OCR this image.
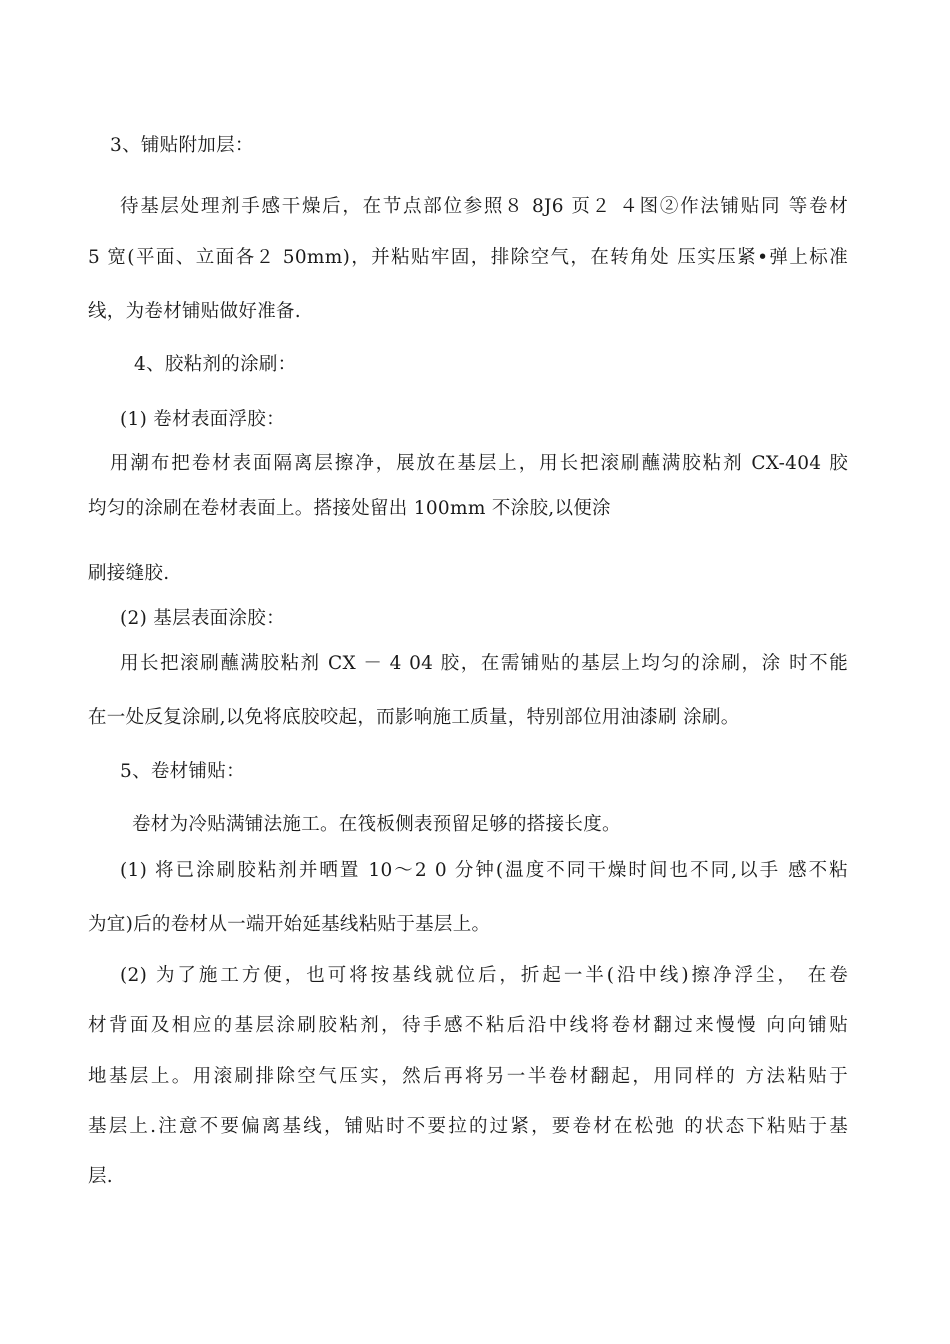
3、铺贴附加层：
待基层处理剂手感干燥后，在节点部位参照８ 8J6 页２ ４图②作法铺贴同 等卷材
5 宽(平面、立面各２ 50mm)，并粘贴牢固，排除空气，在转角处 压实压紧•弹上标准
线，为卷材铺贴做好准备.
4、胶粘剂的涂刷：
(1) 卷材表面浮胶：
用潮布把卷材表面隔离层擦净，展放在基层上，用长把滚刷蘸满胶粘剂 CX-404 胶
均匀的涂刷在卷材表面上。搭接处留出 100mm 不涂胶,以便涂
刷接缝胶.
(2) 基层表面涂胶：
用长把滚刷蘸满胶粘剂 CX － 4 04 胶，在需铺贴的基层上均匀的涂刷，涂 时不能
在一处反复涂刷,以免将底胶咬起，而影响施工质量，特别部位用油漆刷 涂刷。
5、卷材铺贴：
卷材为冷贴满铺法施工。在筏板侧表预留足够的搭接长度。
(1) 将已涂刷胶粘剂并晒置 10〜2 0 分钟(温度不同干燥时间也不同,以手 感不粘
为宜)后的卷材从一端开始延基线粘贴于基层上。
(2) 为了施工方便，也可将按基线就位后，折起一半(沿中线)擦净浮尘， 在卷
材背面及相应的基层涂刷胶粘剂，待手感不粘后沿中线将卷材翻过来慢慢 向向铺贴
地基层上。用滚刷排除空气压实，然后再将另一半卷材翻起，用同样的 方法粘贴于
基层上.注意不要偏离基线，铺贴时不要拉的过紧，要卷材在松弛 的状态下粘贴于基
层.
